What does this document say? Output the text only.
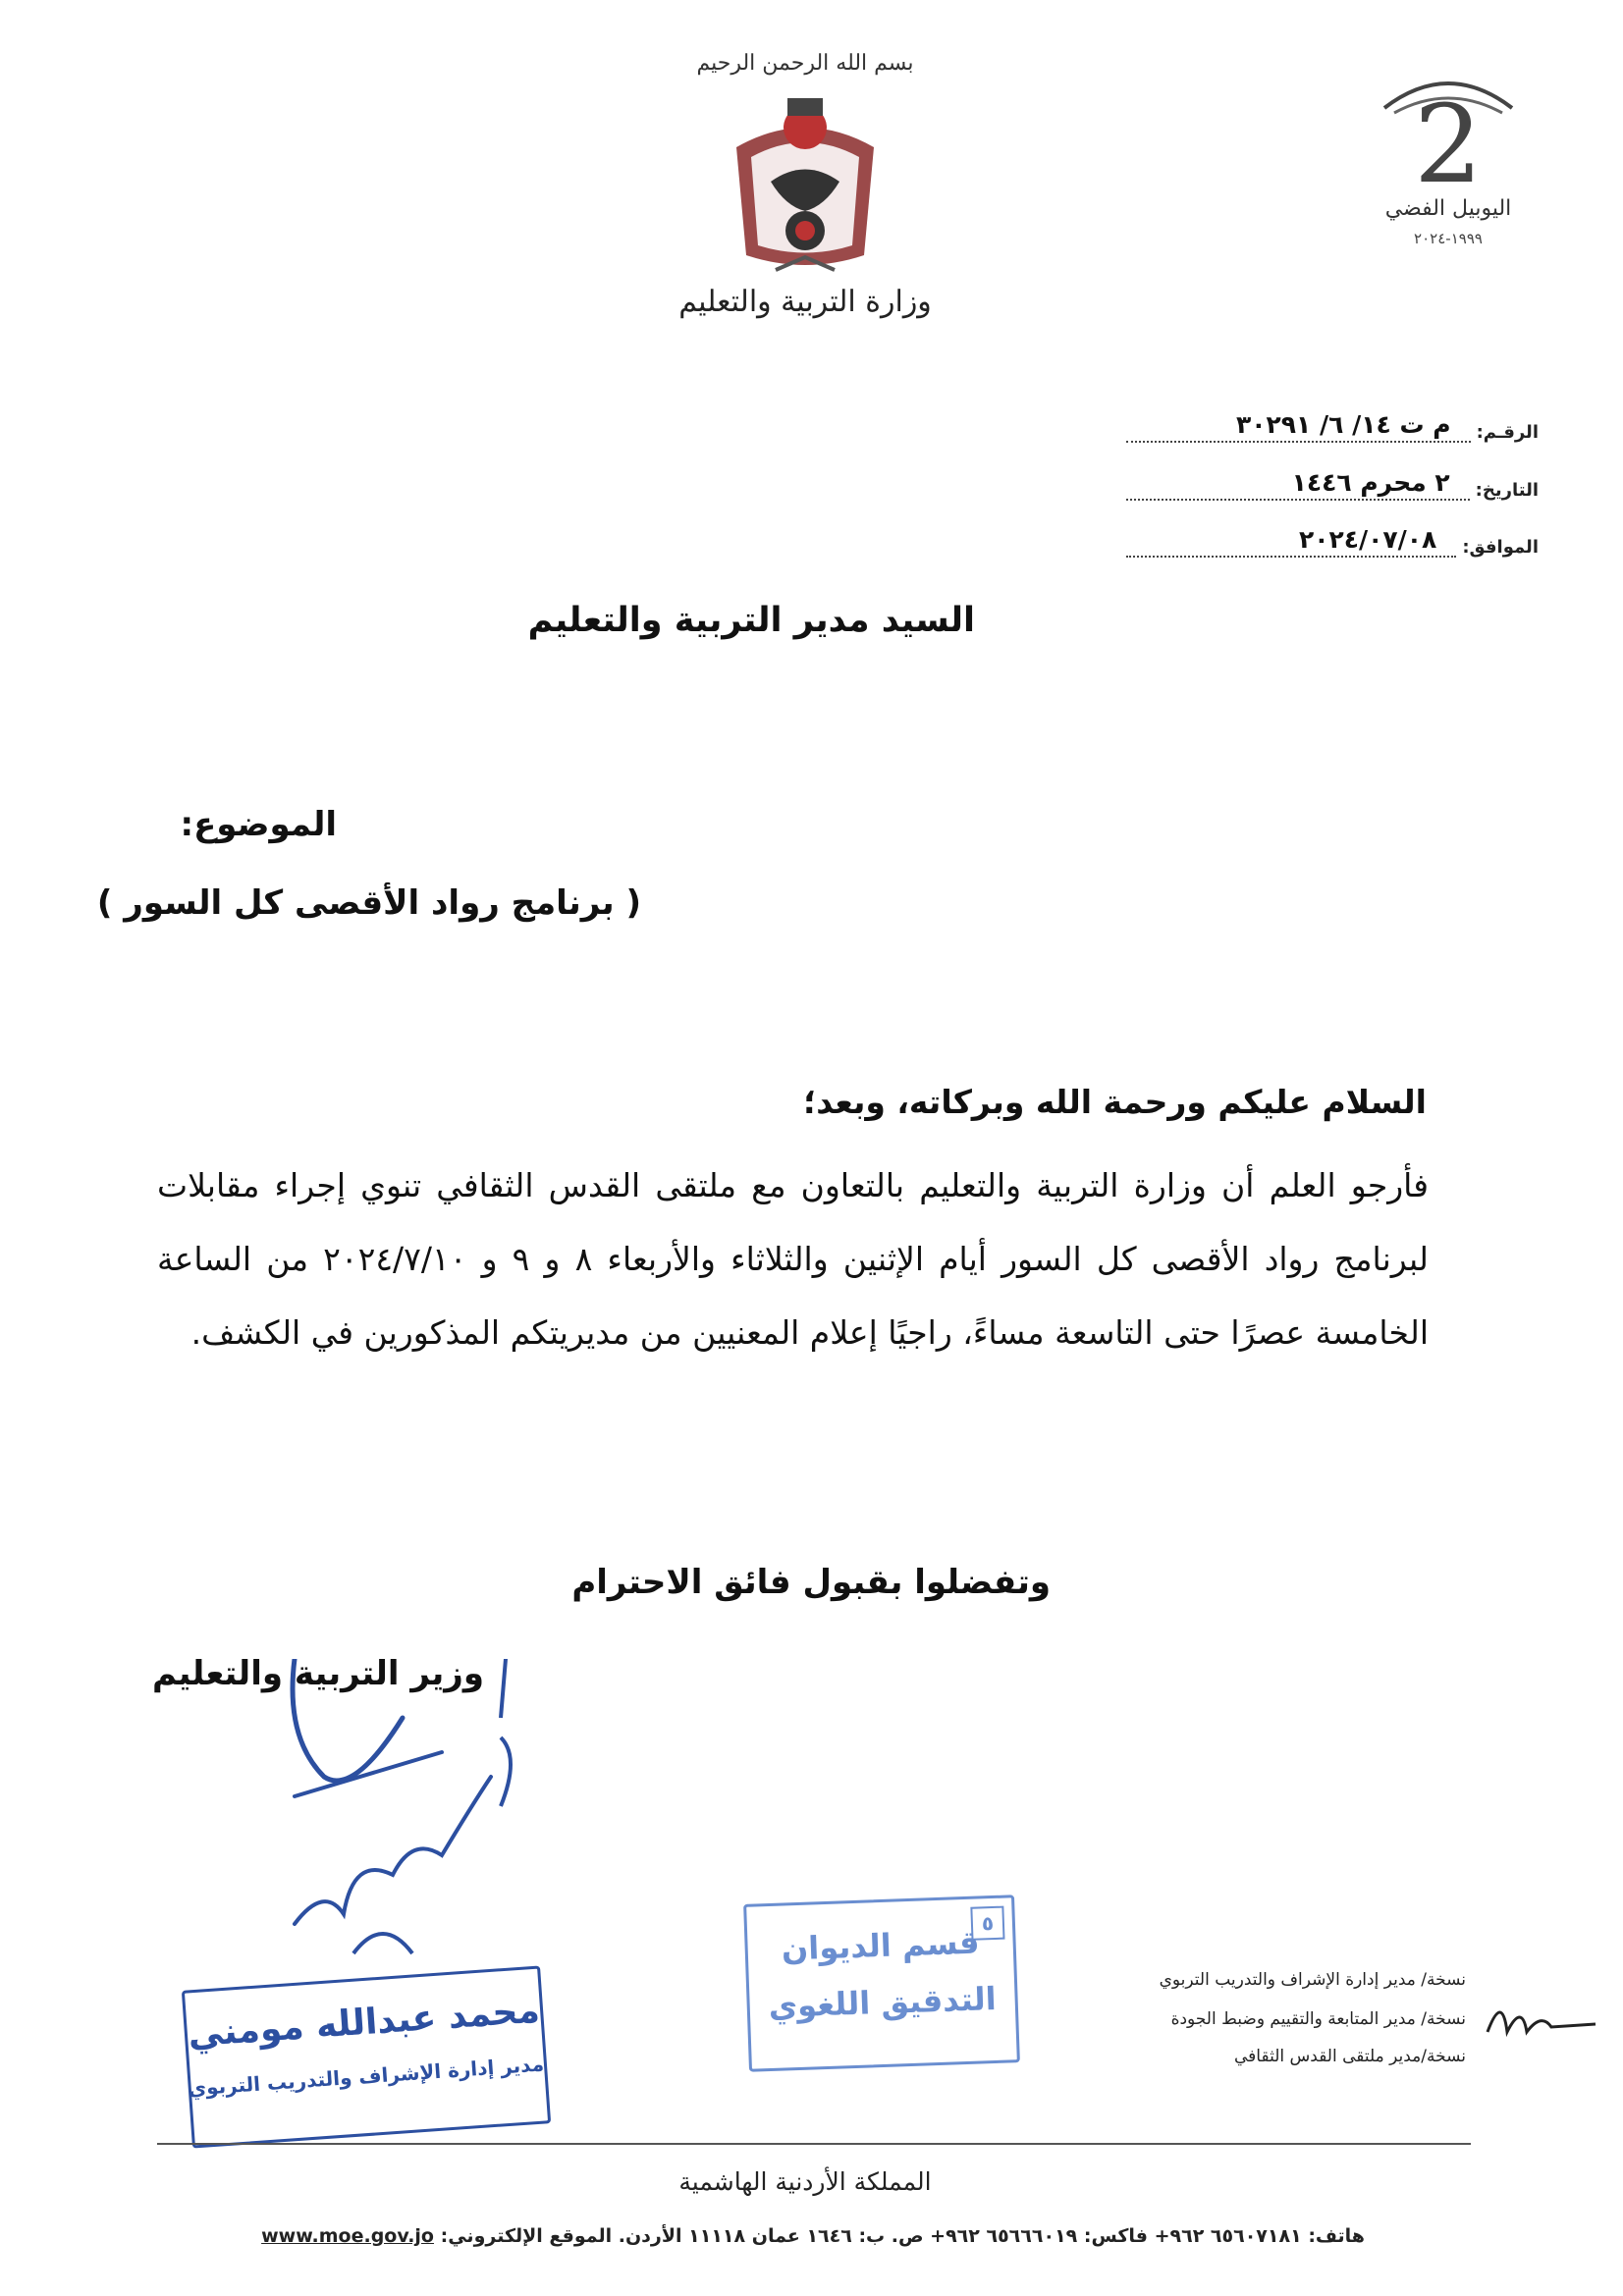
بسم الله الرحمن الرحيم
وزارة التربية والتعليم
2
اليوبيل الفضي
١٩٩٩-٢٠٢٤
الرقـم:
م ت ١٤/ ٦/ ٣٠٢٩١
التاريخ:
٢ محرم ١٤٤٦
الموافق:
٢٠٢٤/٠٧/٠٨
السيد مدير التربية والتعليم
الموضوع:
( برنامج رواد الأقصى كل السور )
السلام عليكم ورحمة الله وبركاته، وبعد؛
فأرجو العلم أن وزارة التربية والتعليم بالتعاون مع ملتقى القدس الثقافي تنوي إجراء مقابلات لبرنامج رواد الأقصى كل السور أيام الإثنين والثلاثاء والأربعاء ٨ و ٩ و ٢٠٢٤/٧/١٠ من الساعة الخامسة عصرًا حتى التاسعة مساءً، راجيًا إعلام المعنيين من مديريتكم المذكورين في الكشف.
وتفضلوا بقبول فائق الاحترام
وزير التربية والتعليم
محمد عبدالله مومني
مدير إدارة الإشراف والتدريب التربوي
٥
قسم الديوان
التدقيق اللغوي	نسخة/ مدير إدارة الإشراف والتدريب التربوي
نسخة/ مدير المتابعة والتقييم وضبط الجودة
نسخة/مدير ملتقى القدس الثقافي
المملكة الأردنية الهاشمية
هاتف: ٦٥٦٠٧١٨١ ٩٦٢+ فاكس: ٦٥٦٦٦٠١٩ ٩٦٢+ ص. ب: ١٦٤٦ عمان ١١١١٨ الأردن. الموقع الإلكتروني: www.moe.gov.jo
